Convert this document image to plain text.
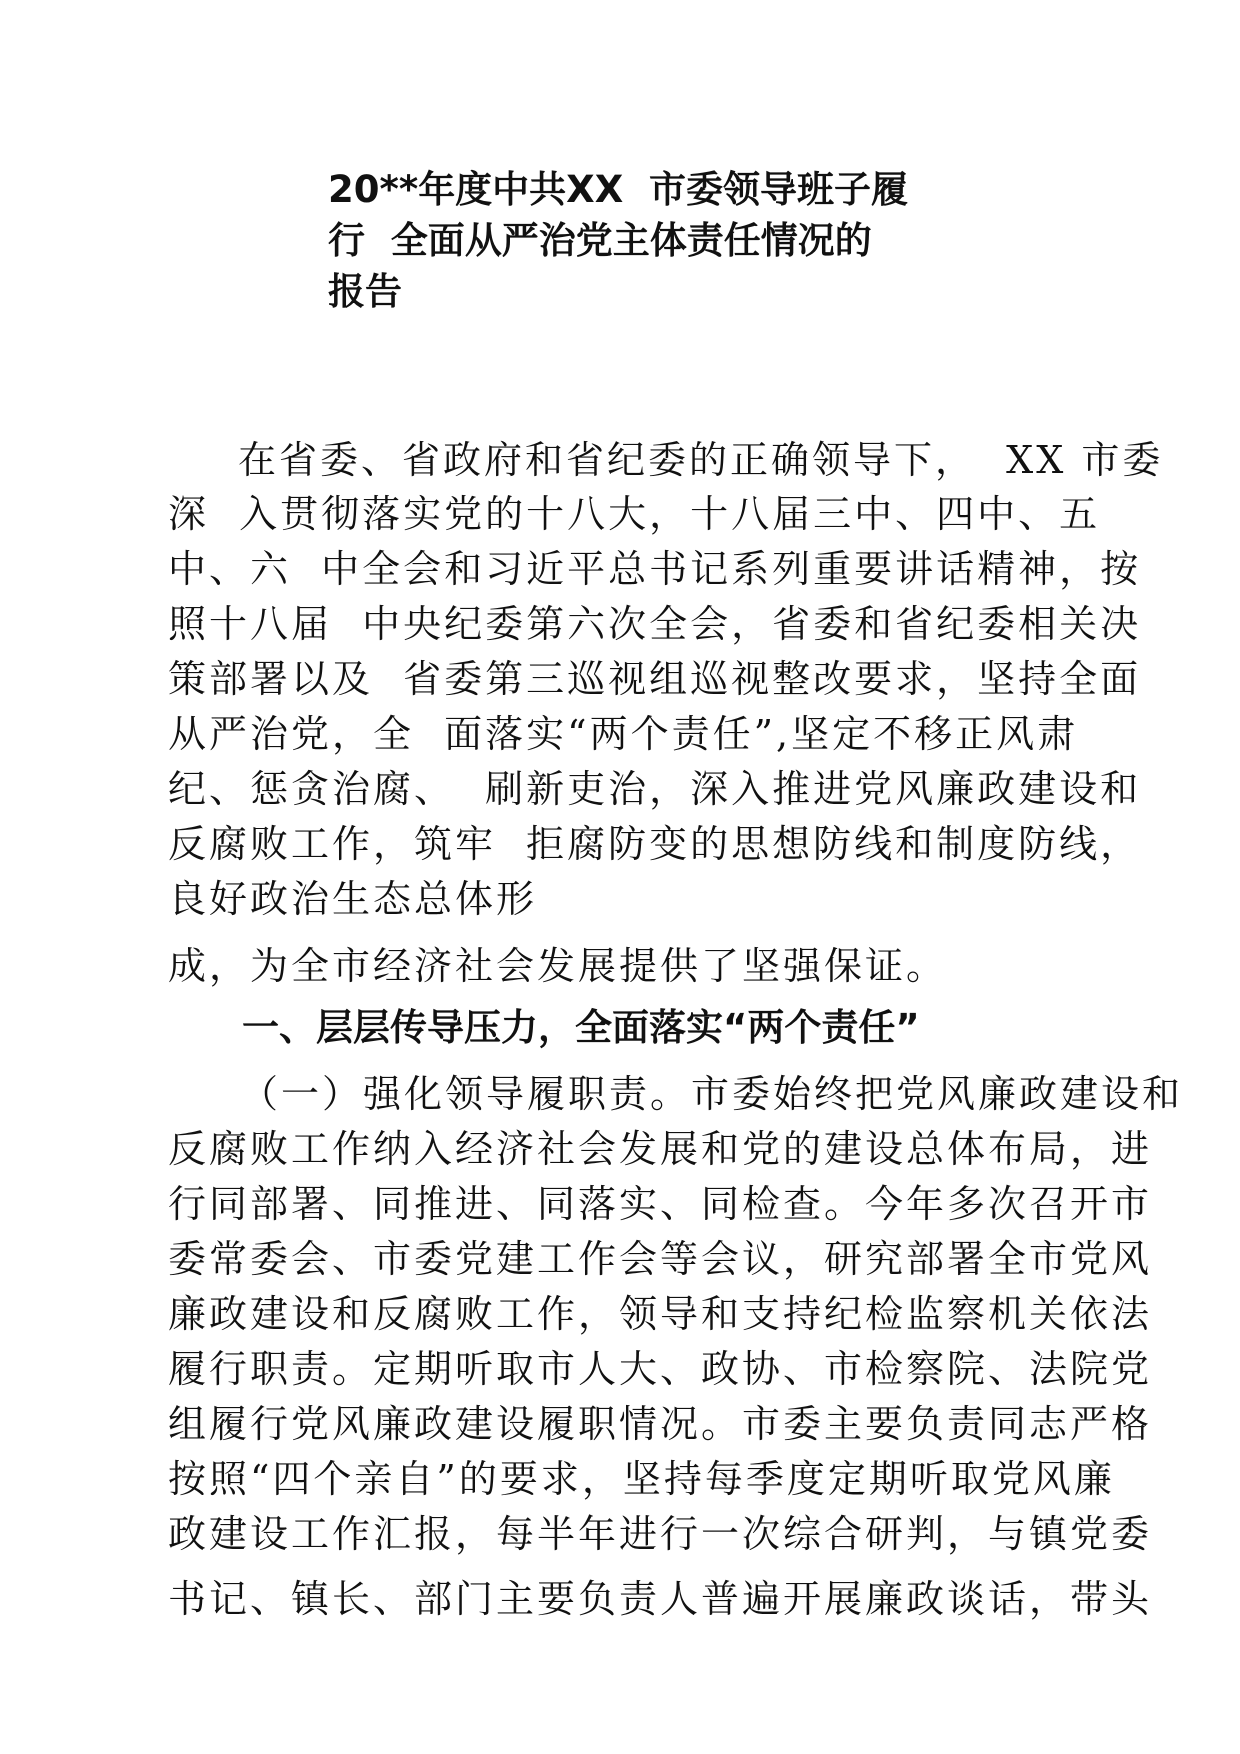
20**年度中共XX  市委领导班子履
行  全面从严治党主体责任情况的
报告
在省委、省政府和省纪委的正确领导下，  XX 市委
深  入贯彻落实党的十八大，十八届三中、四中、五
中、六  中全会和习近平总书记系列重要讲话精神，按
照十八届  中央纪委第六次全会，省委和省纪委相关决
策部署以及  省委第三巡视组巡视整改要求，坚持全面
从严治党，全  面落实“两个责任”,坚定不移正风肃
纪、惩贪治腐、  刷新吏治，深入推进党风廉政建设和
反腐败工作，筑牢  拒腐防变的思想防线和制度防线，
良好政治生态总体形
成，为全市经济社会发展提供了坚强保证。
一、层层传导压力，全面落实“两个责任”
（一）强化领导履职责。市委始终把党风廉政建设和
反腐败工作纳入经济社会发展和党的建设总体布局，进
行同部署、同推进、同落实、同检查。今年多次召开市
委常委会、市委党建工作会等会议，研究部署全市党风
廉政建设和反腐败工作，领导和支持纪检监察机关依法
履行职责。定期听取市人大、政协、市检察院、法院党
组履行党风廉政建设履职情况。市委主要负责同志严格
按照“四个亲自”的要求，坚持每季度定期听取党风廉
政建设工作汇报，每半年进行一次综合研判，与镇党委
书记、镇长、部门主要负责人普遍开展廉政谈话，带头
